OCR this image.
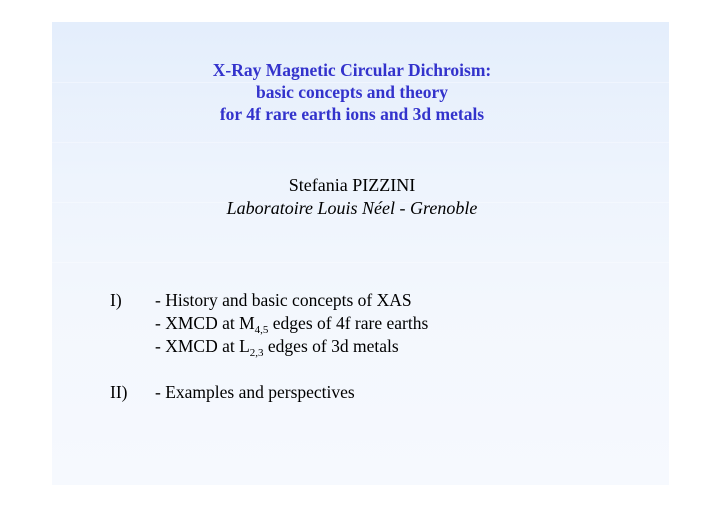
X-Ray Magnetic Circular Dichroism:
basic concepts and theory
for 4f rare earth ions and 3d metals
Stefania PIZZINI
Laboratoire Louis Néel - Grenoble
I)	- History and basic concepts of XAS
- XMCD at $M_{4,5}$ edges of 4f rare earths
- XMCD at $L_{2,3}$ edges of 3d metals
II)	- Examples and perspectives
